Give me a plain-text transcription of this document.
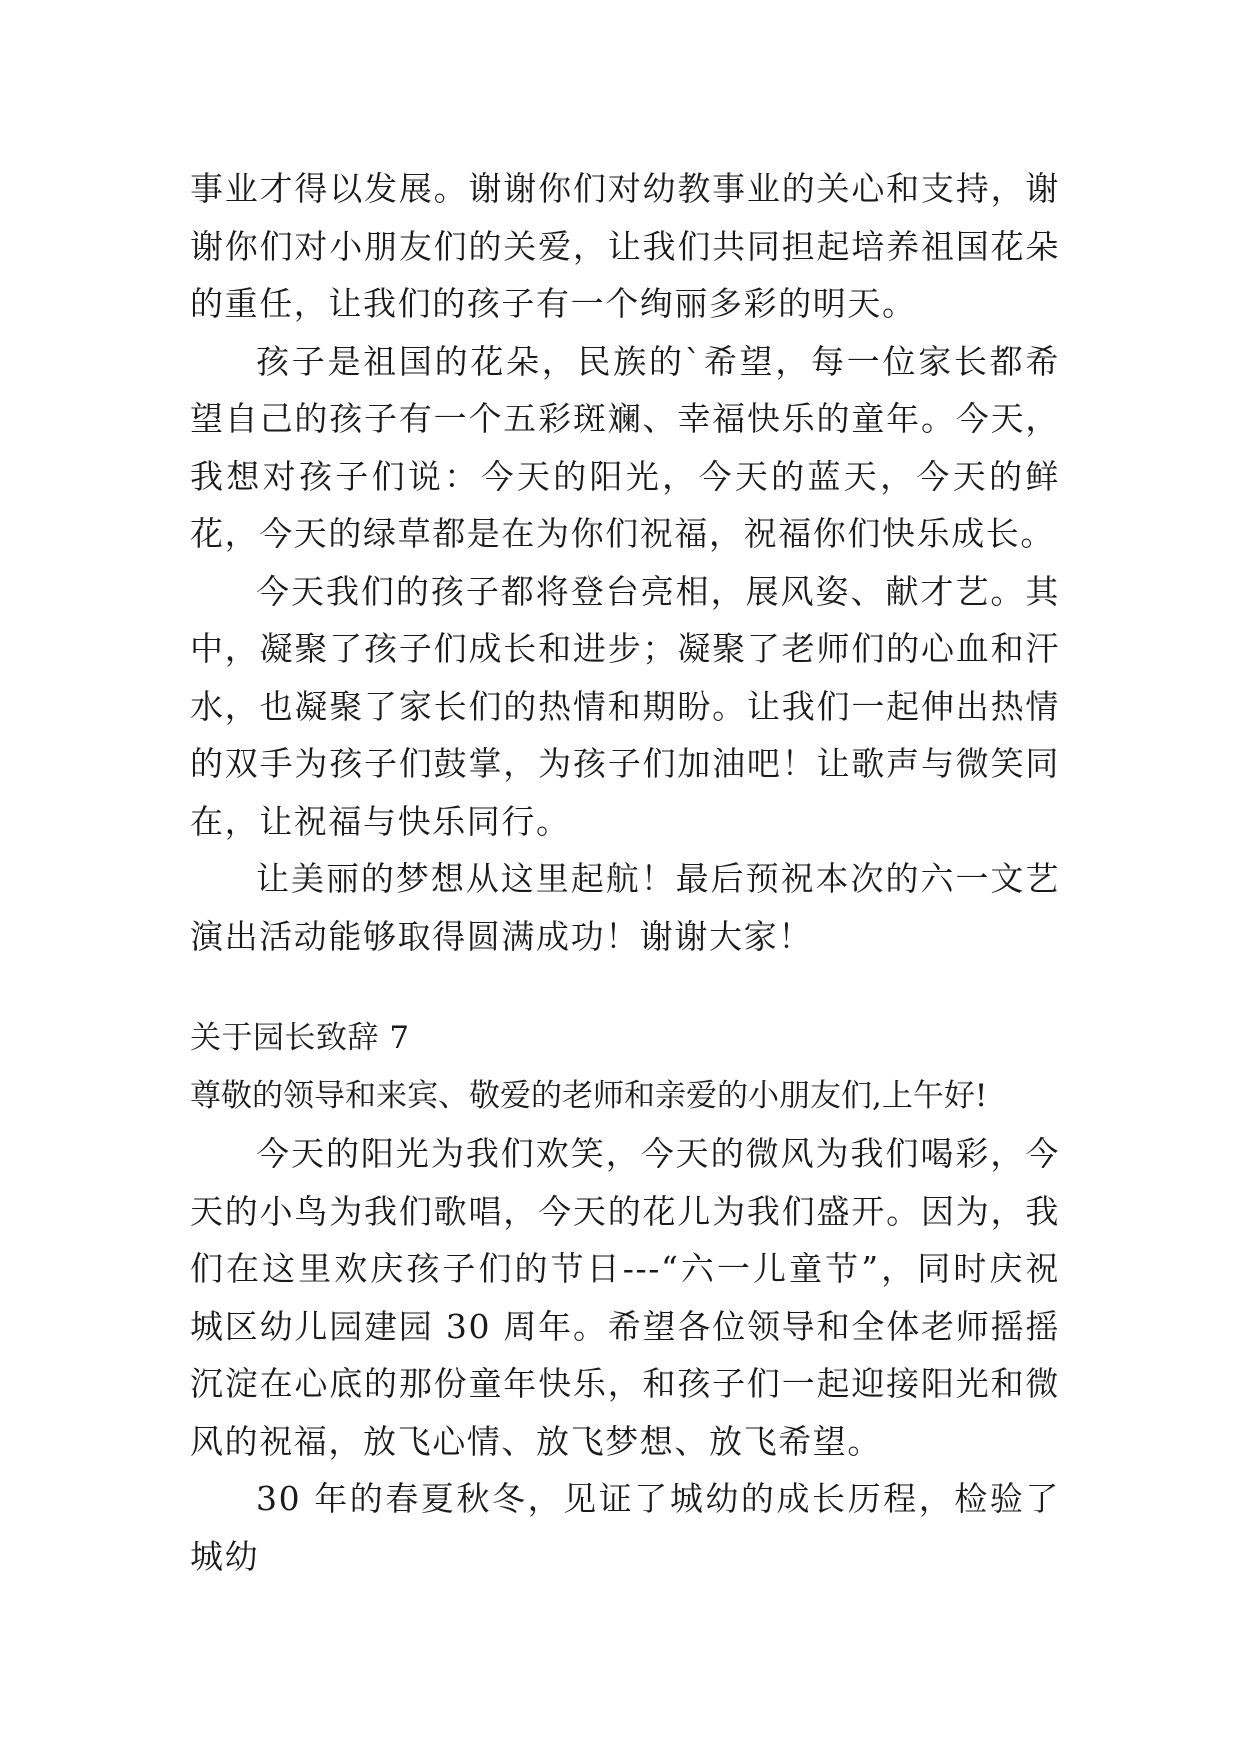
事业才得以发展。谢谢你们对幼教事业的关心和支持，谢谢你们对小朋友们的关爱，让我们共同担起培养祖国花朵的重任，让我们的孩子有一个绚丽多彩的明天。

孩子是祖国的花朵，民族的`希望，每一位家长都希望自己的孩子有一个五彩斑斓、幸福快乐的童年。今天，我想对孩子们说：今天的阳光，今天的蓝天，今天的鲜花，今天的绿草都是在为你们祝福，祝福你们快乐成长。

今天我们的孩子都将登台亮相，展风姿、献才艺。其中，凝聚了孩子们成长和进步；凝聚了老师们的心血和汗水，也凝聚了家长们的热情和期盼。让我们一起伸出热情的双手为孩子们鼓掌，为孩子们加油吧！让歌声与微笑同在，让祝福与快乐同行。

让美丽的梦想从这里起航！最后预祝本次的六一文艺演出活动能够取得圆满成功！谢谢大家！

关于园长致辞 7

尊敬的领导和来宾、敬爱的老师和亲爱的小朋友们,上午好!

今天的阳光为我们欢笑，今天的微风为我们喝彩，今天的小鸟为我们歌唱，今天的花儿为我们盛开。因为，我们在这里欢庆孩子们的节日---“六一儿童节”，同时庆祝城区幼儿园建园 30 周年。希望各位领导和全体老师摇摇沉淀在心底的那份童年快乐，和孩子们一起迎接阳光和微风的祝福，放飞心情、放飞梦想、放飞希望。

30 年的春夏秋冬，见证了城幼的成长历程，检验了城幼
